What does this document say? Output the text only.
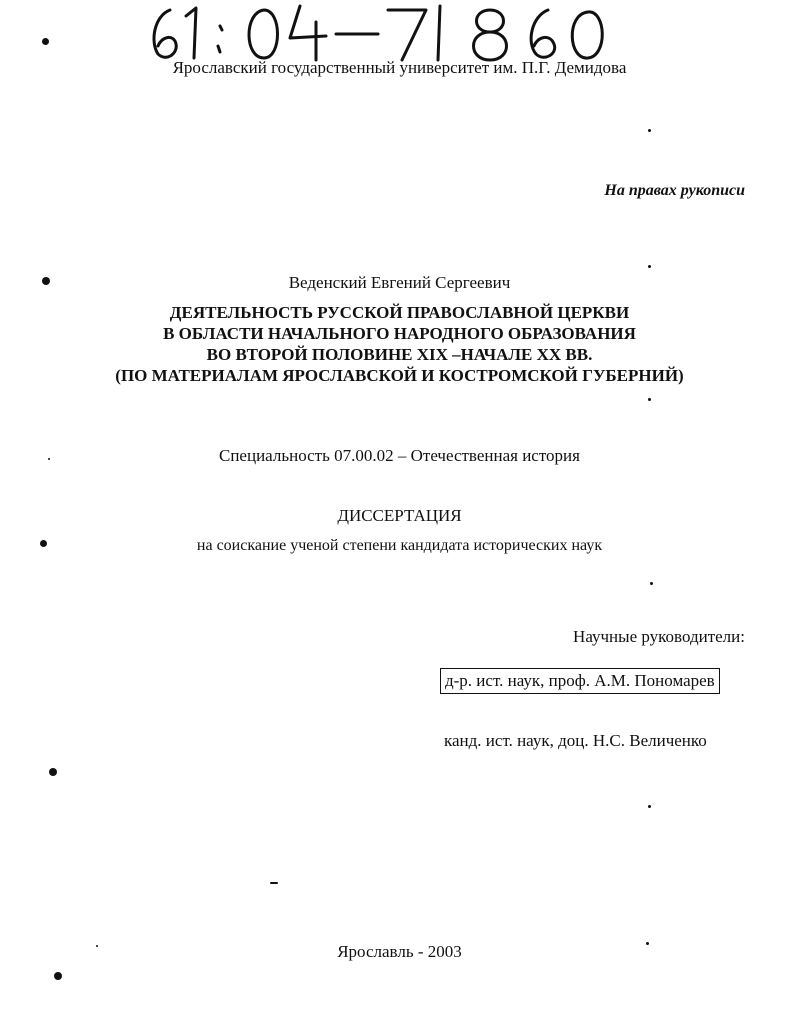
Ярославский государственный университет им. П.Г. Демидова
На правах рукописи
Веденский Евгений Сергеевич
ДЕЯТЕЛЬНОСТЬ РУССКОЙ ПРАВОСЛАВНОЙ ЦЕРКВИ
В ОБЛАСТИ НАЧАЛЬНОГО НАРОДНОГО ОБРАЗОВАНИЯ
ВО ВТОРОЙ ПОЛОВИНЕ XIX –НАЧАЛЕ XX ВВ.
(ПО МАТЕРИАЛАМ ЯРОСЛАВСКОЙ И КОСТРОМСКОЙ ГУБЕРНИЙ)
Специальность 07.00.02 – Отечественная история
ДИССЕРТАЦИЯ
на соискание ученой степени кандидата исторических наук
Научные руководители:
д-р. ист. наук, проф. А.М. Пономарев
канд. ист. наук, доц. Н.С. Величенко
Ярославль - 2003
